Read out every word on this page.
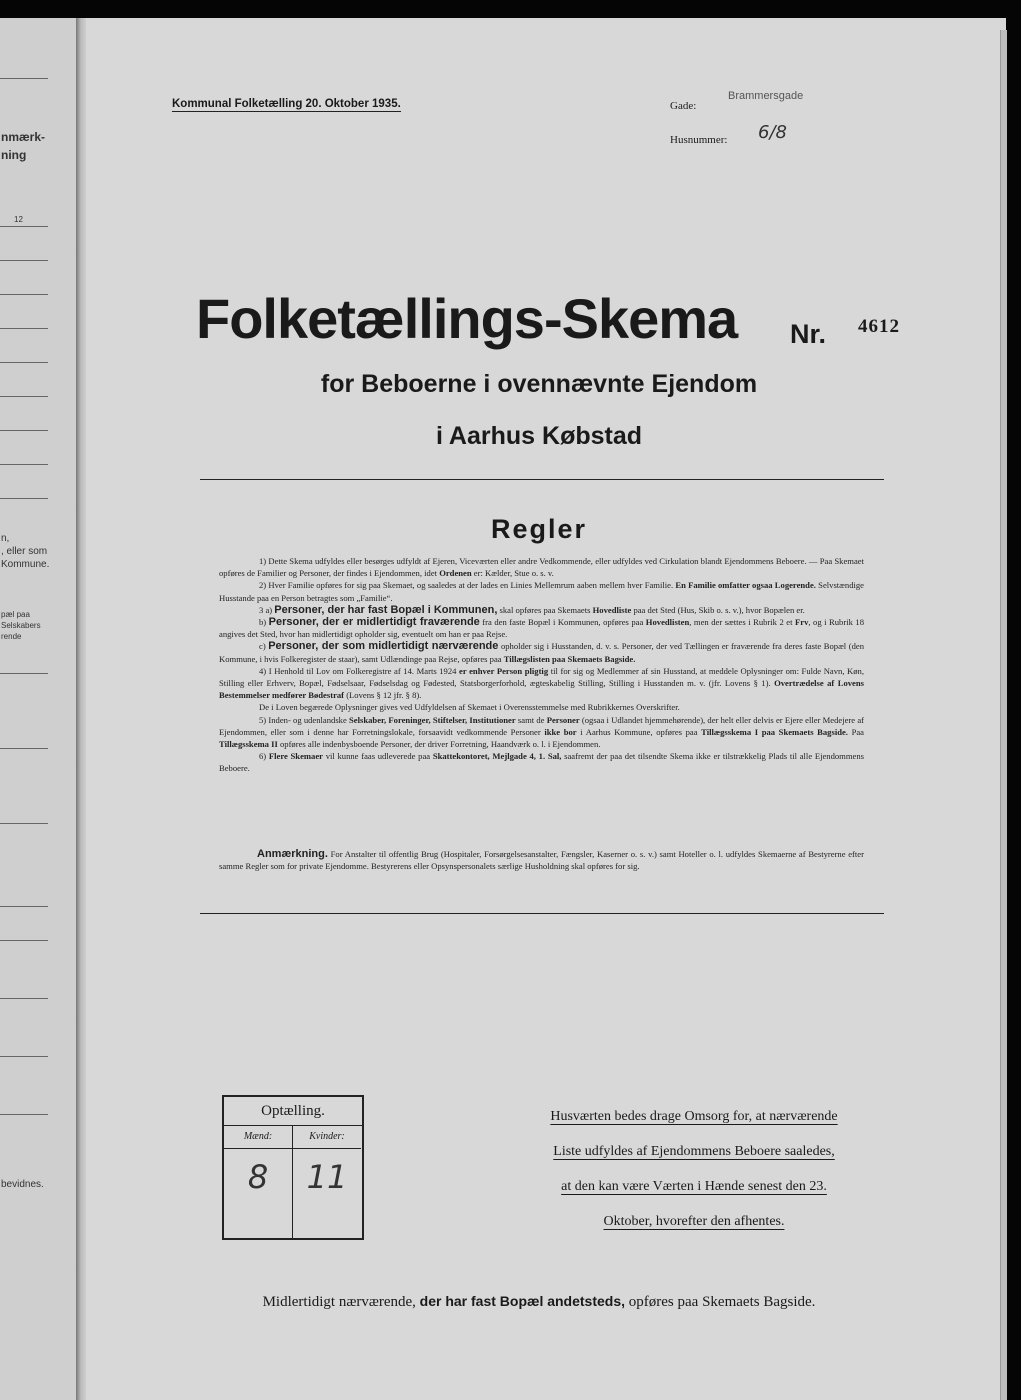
nmærk-
ning
12
n,
, eller som
Kommune.
pæl paa
Selskabers
rende
bevidnes.
Kommunal Folketælling 20. Oktober 1935.	Gade:
Brammersgade
Husnummer: 6/8
Folketællings-Skema Nr. 4612
for Beboerne i ovennævnte Ejendom
i Aarhus Købstad
Regler

1) Dette Skema udfyldes eller besørges udfyldt af Ejeren, Viceværten eller andre Vedkommende, eller udfyldes ved Cirkulation blandt Ejendommens Beboere. — Paa Skemaet opføres de Familier og Personer, der findes i Ejendommen, idet Ordenen er: Kælder, Stue o. s. v.

2) Hver Familie opføres for sig paa Skemaet, og saaledes at der lades en Linies Mellemrum aaben mellem hver Familie. En Familie omfatter ogsaa Logerende. Selvstændige Husstande paa en Person betragtes som „Familie“.

3 a) Personer, der har fast Bopæl i Kommunen, skal opføres paa Skemaets Hovedliste paa det Sted (Hus, Skib o. s. v.), hvor Bopælen er.

b) Personer, der er midlertidigt fraværende fra den faste Bopæl i Kommunen, opføres paa Hovedlisten, men der sættes i Rubrik 2 et Frv, og i Rubrik 18 angives det Sted, hvor han midlertidigt opholder sig, eventuelt om han er paa Rejse.

c) Personer, der som midlertidigt nærværende opholder sig i Husstanden, d. v. s. Personer, der ved Tællingen er fraværende fra deres faste Bopæl (den Kommune, i hvis Folkeregister de staar), samt Udlændinge paa Rejse, opføres paa Tillægslisten paa Skemaets Bagside.

4) I Henhold til Lov om Folkeregistre af 14. Marts 1924 er enhver Person pligtig til for sig og Medlemmer af sin Husstand, at meddele Oplysninger om: Fulde Navn, Køn, Stilling eller Erhverv, Bopæl, Fødselsaar, Fødselsdag og Fødested, Statsborgerforhold, ægteskabelig Stilling, Stilling i Husstanden m. v. (jfr. Lovens § 1). Overtrædelse af Lovens Bestemmelser medfører Bødestraf (Lovens § 12 jfr. § 8).

De i Loven begærede Oplysninger gives ved Udfyldelsen af Skemaet i Overensstemmelse med Rubrikkernes Overskrifter.

5) Inden- og udenlandske Selskaber, Foreninger, Stiftelser, Institutioner samt de Personer (ogsaa i Udlandet hjemmehørende), der helt eller delvis er Ejere eller Medejere af Ejendommen, eller som i denne har Forretningslokale, forsaavidt vedkommende Personer ikke bor i Aarhus Kommune, opføres paa Tillægsskema I paa Skemaets Bagside. Paa Tillægsskema II opføres alle indenbysboende Personer, der driver Forretning, Haandværk o. l. i Ejendommen.

6) Flere Skemaer vil kunne faas udleverede paa Skattekontoret, Mejlgade 4, 1. Sal, saafremt der paa det tilsendte Skema ikke er tilstrækkelig Plads til alle Ejendommens Beboere.

Anmærkning. For Anstalter til offentlig Brug (Hospitaler, Forsørgelsesanstalter, Fængsler, Kaserner o. s. v.) samt Hoteller o. l. udfyldes Skemaerne af Bestyrerne efter samme Regler som for private Ejendomme. Bestyrerens eller Opsynspersonalets særlige Husholdning skal opføres for sig.

Optælling.
Mænd:
8
Kvinder:
11
Husværten bedes drage Omsorg for, at nærværende
Liste udfyldes af Ejendommens Beboere saaledes,
at den kan være Værten i Hænde senest den 23.
Oktober, hvorefter den afhentes.
Midlertidigt nærværende, der har fast Bopæl andetsteds, opføres paa Skemaets Bagside.
